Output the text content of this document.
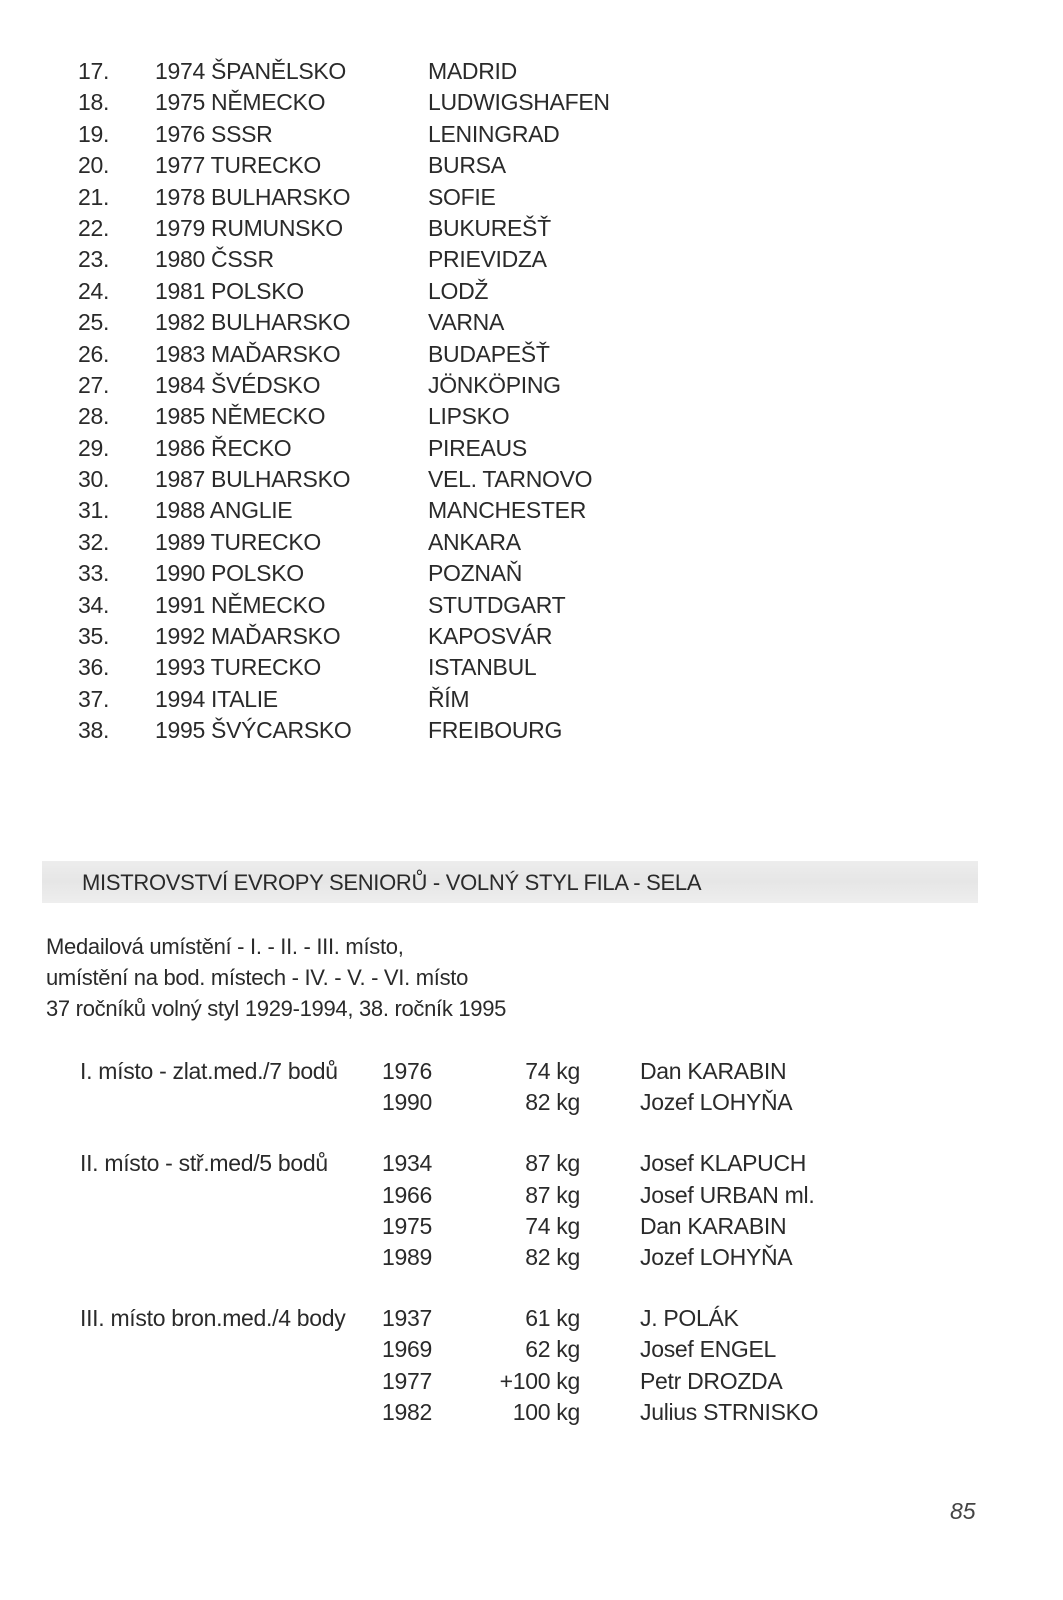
17. 1974 ŠPANĚLSKO	MADRID
18. 1975 NĚMECKO	LUDWIGSHAFEN
19. 1976 SSSR	LENINGRAD
20. 1977 TURECKO	BURSA
21. 1978 BULHARSKO	SOFIE
22. 1979 RUMUNSKO	BUKUREŠŤ
23. 1980 ČSSR	PRIEVIDZA
24. 1981 POLSKO	LODŽ
25. 1982 BULHARSKO	VARNA
26. 1983 MAĎARSKO	BUDAPEŠŤ
27. 1984 ŠVÉDSKO	JÖNKÖPING
28. 1985 NĚMECKO	LIPSKO
29. 1986 ŘECKO	PIREAUS
30. 1987 BULHARSKO	VEL. TARNOVO
31. 1988 ANGLIE	MANCHESTER
32. 1989 TURECKO	ANKARA
33. 1990 POLSKO	POZNAŇ
34. 1991 NĚMECKO	STUTDGART
35. 1992 MAĎARSKO	KAPOSVÁR
36. 1993 TURECKO	ISTANBUL
37. 1994 ITALIE	ŘÍM
38. 1995 ŠVÝCARSKO	FREIBOURG
MISTROVSTVÍ EVROPY SENIORŮ - VOLNÝ STYL FILA - SELA
Medailová umístění - I. - II. - III. místo,
umístění na bod. místech - IV. - V. - VI. místo
37 ročníků volný styl 1929-1994, 38. ročník 1995
I. místo - zlat.med./7 bodů 1976	74 kg	Dan KARABIN
1990	82 kg	Jozef LOHYŇA
II. místo - stř.med/5 bodů 1934	87 kg	Josef KLAPUCH
1966	87 kg	Josef URBAN ml.
1975	74 kg	Dan KARABIN
1989	82 kg	Jozef LOHYŇA
III. místo bron.med./4 body 1937	61 kg	J. POLÁK
1969	62 kg	Josef ENGEL
1977	+100 kg	Petr DROZDA
1982	100 kg	Julius STRNISKO
85
